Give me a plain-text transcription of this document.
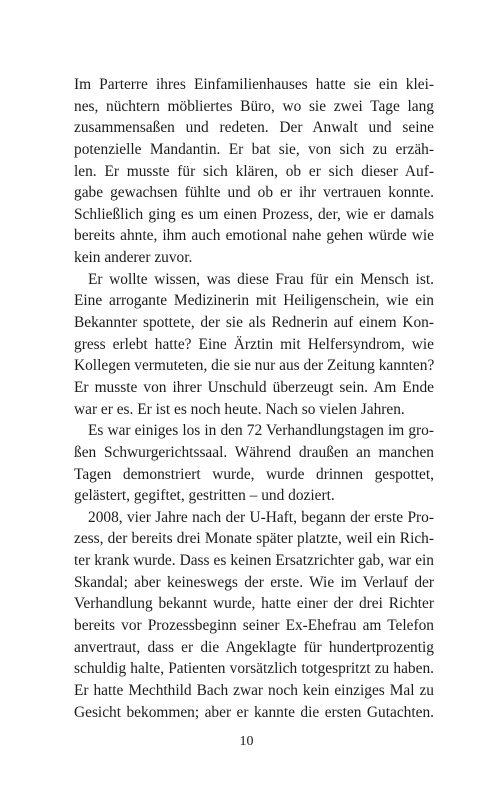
Im Parterre ihres Einfamilienhauses hatte sie ein klei-
nes, nüchtern möbliertes Büro, wo sie zwei Tage lang
zusammensaßen und redeten. Der Anwalt und seine
potenzielle Mandantin. Er bat sie, von sich zu erzäh-
len. Er musste für sich klären, ob er sich dieser Auf-
gabe gewachsen fühlte und ob er ihr vertrauen konnte.
Schließlich ging es um einen Prozess, der, wie er damals
bereits ahnte, ihm auch emotional nahe gehen würde wie
kein anderer zuvor.
Er wollte wissen, was diese Frau für ein Mensch ist.
Eine arrogante Medizinerin mit Heiligenschein, wie ein
Bekannter spottete, der sie als Rednerin auf einem Kon-
gress erlebt hatte? Eine Ärztin mit Helfersyndrom, wie
Kollegen vermuteten, die sie nur aus der Zeitung kannten?
Er musste von ihrer Unschuld überzeugt sein. Am Ende
war er es. Er ist es noch heute. Nach so vielen Jahren.
Es war einiges los in den 72 Verhandlungstagen im gro-
ßen Schwurgerichtssaal. Während draußen an manchen
Tagen demonstriert wurde, wurde drinnen gespottet,
gelästert, gegiftet, gestritten – und doziert.
2008, vier Jahre nach der U-Haft, begann der erste Pro-
zess, der bereits drei Monate später platzte, weil ein Rich-
ter krank wurde. Dass es keinen Ersatzrichter gab, war ein
Skandal; aber keineswegs der erste. Wie im Verlauf der
Verhandlung bekannt wurde, hatte einer der drei Richter
bereits vor Prozessbeginn seiner Ex-Ehefrau am Telefon
anvertraut, dass er die Angeklagte für hundertprozentig
schuldig halte, Patienten vorsätzlich totgespritzt zu haben.
Er hatte Mechthild Bach zwar noch kein einziges Mal zu
Gesicht bekommen; aber er kannte die ersten Gutachten.
10
